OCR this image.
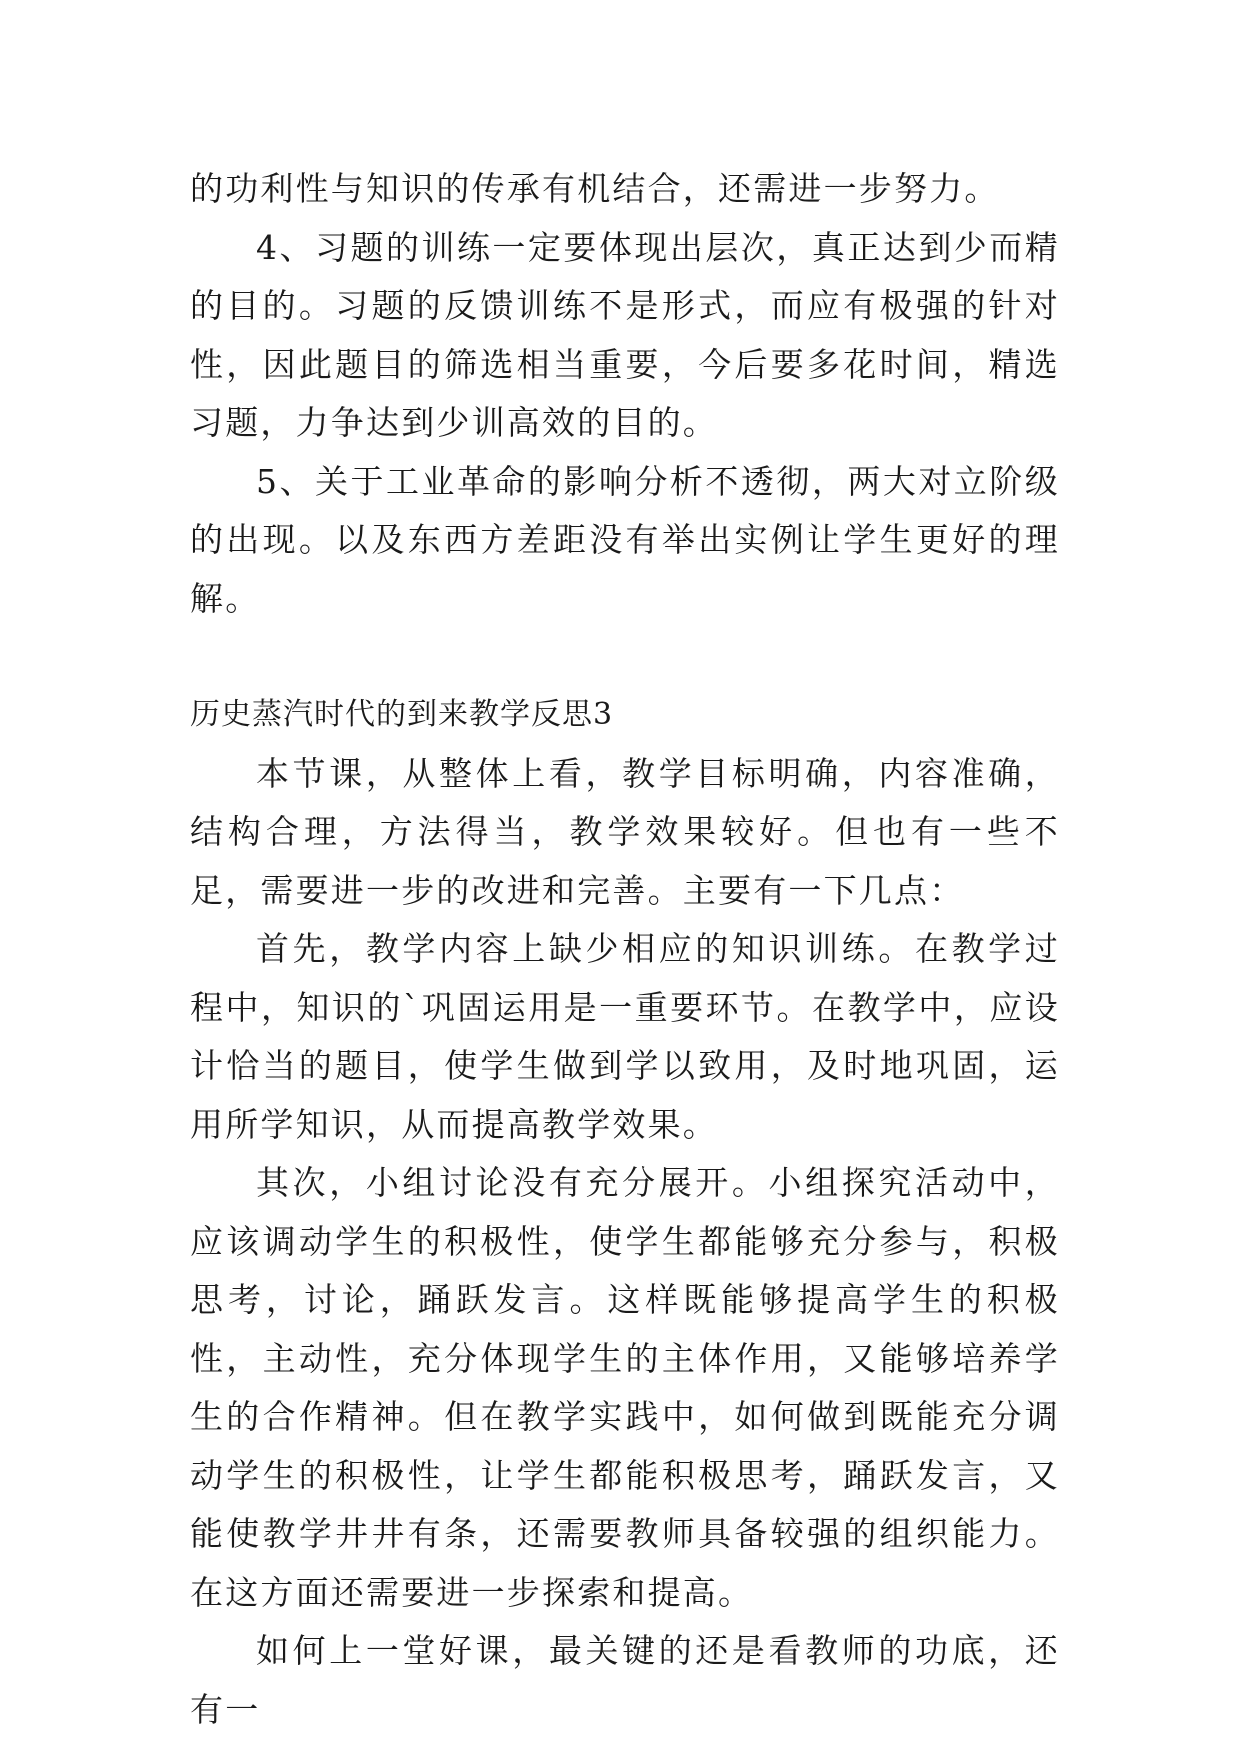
的功利性与知识的传承有机结合，还需进一步努力。

4、习题的训练一定要体现出层次，真正达到少而精的目的。习题的反馈训练不是形式，而应有极强的针对性，因此题目的筛选相当重要，今后要多花时间，精选习题，力争达到少训高效的目的。

5、关于工业革命的影响分析不透彻，两大对立阶级的出现。以及东西方差距没有举出实例让学生更好的理解。

历史蒸汽时代的到来教学反思3

本节课，从整体上看，教学目标明确，内容准确，结构合理，方法得当，教学效果较好。但也有一些不足，需要进一步的改进和完善。主要有一下几点：

首先，教学内容上缺少相应的知识训练。在教学过程中，知识的`巩固运用是一重要环节。在教学中，应设计恰当的题目，使学生做到学以致用，及时地巩固，运用所学知识，从而提高教学效果。

其次，小组讨论没有充分展开。小组探究活动中，应该调动学生的积极性，使学生都能够充分参与，积极思考，讨论，踊跃发言。这样既能够提高学生的积极性，主动性，充分体现学生的主体作用，又能够培养学生的合作精神。但在教学实践中，如何做到既能充分调动学生的积极性，让学生都能积极思考，踊跃发言，又能使教学井井有条，还需要教师具备较强的组织能力。在这方面还需要进一步探索和提高。

如何上一堂好课，最关键的还是看教师的功底，还有一
